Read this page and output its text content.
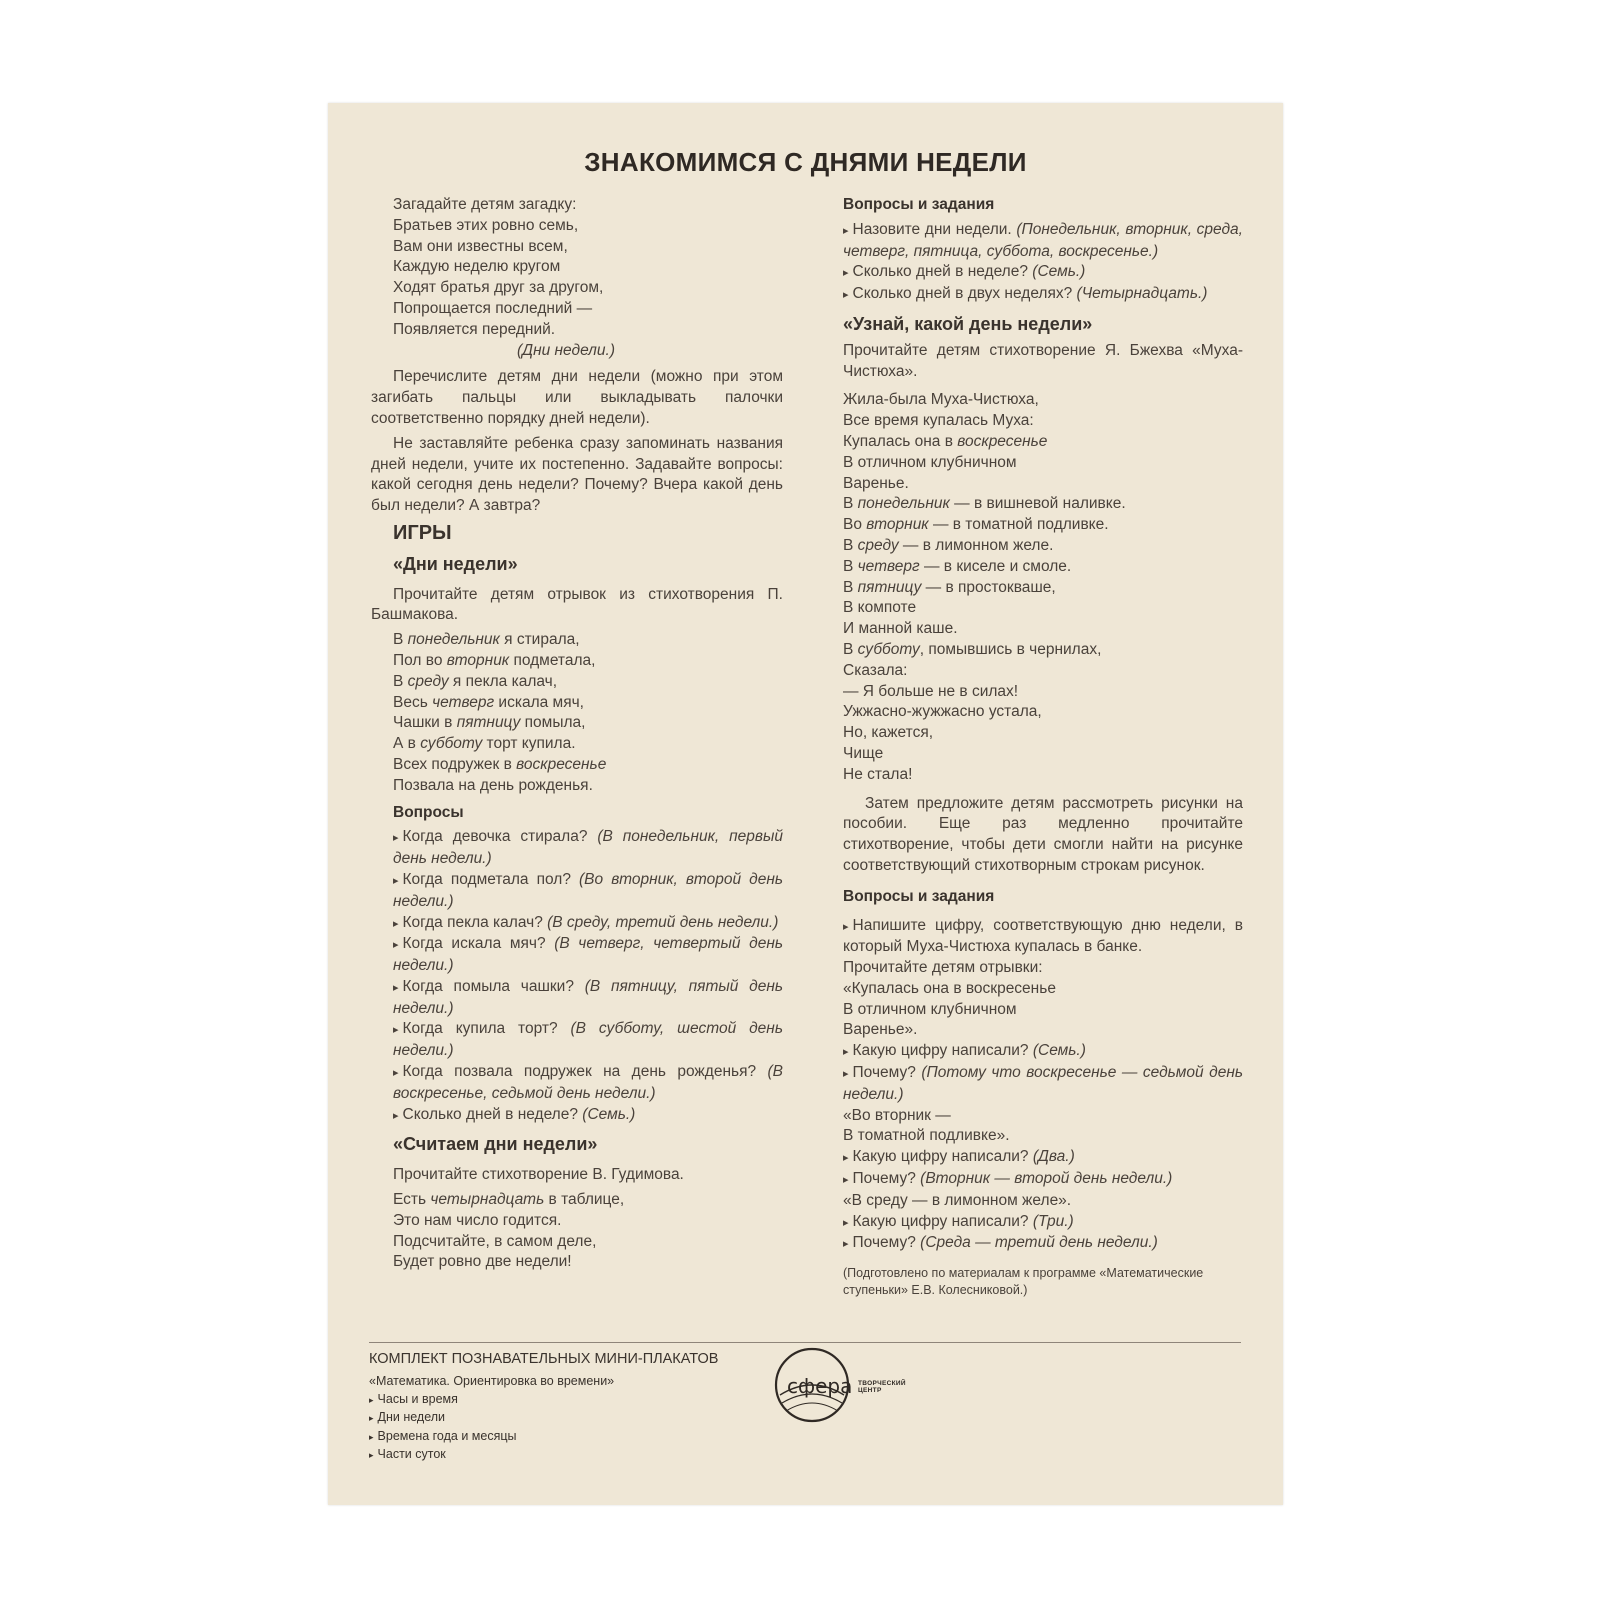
ЗНАКОМИМСЯ С ДНЯМИ НЕДЕЛИ
Загадайте детям загадку:
Братьев этих ровно семь,
Вам они известны всем,
Каждую неделю кругом
Ходят братья друг за другом,
Попрощается последний —
Появляется передний.
(Дни недели.)

Перечислите детям дни недели (можно при этом загибать пальцы или выкладывать палочки соответственно порядку дней недели).

Не заставляйте ребенка сразу запоминать названия дней недели, учите их постепенно. Задавайте вопросы: какой сегодня день недели? Почему? Вчера какой день был недели? А завтра?

ИГРЫ
«Дни недели»

Прочитайте детям отрывок из стихотворения П. Башмакова.

В понедельник я стирала,
Пол во вторник подметала,
В среду я пекла калач,
Весь четверг искала мяч,
Чашки в пятницу помыла,
А в субботу торт купила.
Всех подружек в воскресенье
Позвала на день рожденья.
Вопросы
▸ Когда девочка стирала? (В понедельник, первый день недели.)
▸ Когда подметала пол? (Во вторник, второй день недели.)
▸ Когда пекла калач? (В среду, третий день недели.)
▸ Когда искала мяч? (В четверг, четвертый день недели.)
▸ Когда помыла чашки? (В пятницу, пятый день недели.)
▸ Когда купила торт? (В субботу, шестой день недели.)
▸ Когда позвала подружек на день рожденья? (В воскресенье, седьмой день недели.)
▸ Сколько дней в неделе? (Семь.)
«Считаем дни недели»

Прочитайте стихотворение В. Гудимова.

Есть четырнадцать в таблице,
Это нам число годится.
Подсчитайте, в самом деле,
Будет ровно две недели!
Вопросы и задания
▸ Назовите дни недели. (Понедельник, вторник, среда, четверг, пятница, суббота, воскресенье.)
▸ Сколько дней в неделе? (Семь.)
▸ Сколько дней в двух неделях? (Четырнадцать.)
«Узнай, какой день недели»

Прочитайте детям стихотворение Я. Бжехва «Муха-Чистюха».

Жила-была Муха-Чистюха,
Все время купалась Муха:
Купалась она в воскресенье
В отличном клубничном
Варенье.
В понедельник — в вишневой наливке.
Во вторник — в томатной подливке.
В среду — в лимонном желе.
В четверг — в киселе и смоле.
В пятницу — в простокваше,
В компоте
И манной каше.
В субботу, помывшись в чернилах,
Сказала:
— Я больше не в силах!
Ужжасно-жужжасно устала,
Но, кажется,
Чище
Не стала!

Затем предложите детям рассмотреть рисунки на пособии. Еще раз медленно прочитайте стихотворение, чтобы дети смогли найти на рисунке соответствующий стихотворным строкам рисунок.

Вопросы и задания
▸ Напишите цифру, соответствующую дню недели, в который Муха-Чистюха купалась в банке.
Прочитайте детям отрывки:
«Купалась она в воскресенье
В отличном клубничном
Варенье».
▸ Какую цифру написали? (Семь.)
▸ Почему? (Потому что воскресенье — седьмой день недели.)
«Во вторник —
В томатной подливке».
▸ Какую цифру написали? (Два.)
▸ Почему? (Вторник — второй день недели.)
«В среду — в лимонном желе».
▸ Какую цифру написали? (Три.)
▸ Почему? (Среда — третий день недели.)
(Подготовлено по материалам к программе «Математические ступеньки» Е.В. Колесниковой.)
КОМПЛЕКТ ПОЗНАВАТЕЛЬНЫХ МИНИ-ПЛАКАТОВ
«Математика. Ориентировка во времени»
▸ Часы и время
▸ Дни недели
▸ Времена года и месяцы
▸ Части суток
сфера ТВОРЧЕСКИЙ ЦЕНТР
